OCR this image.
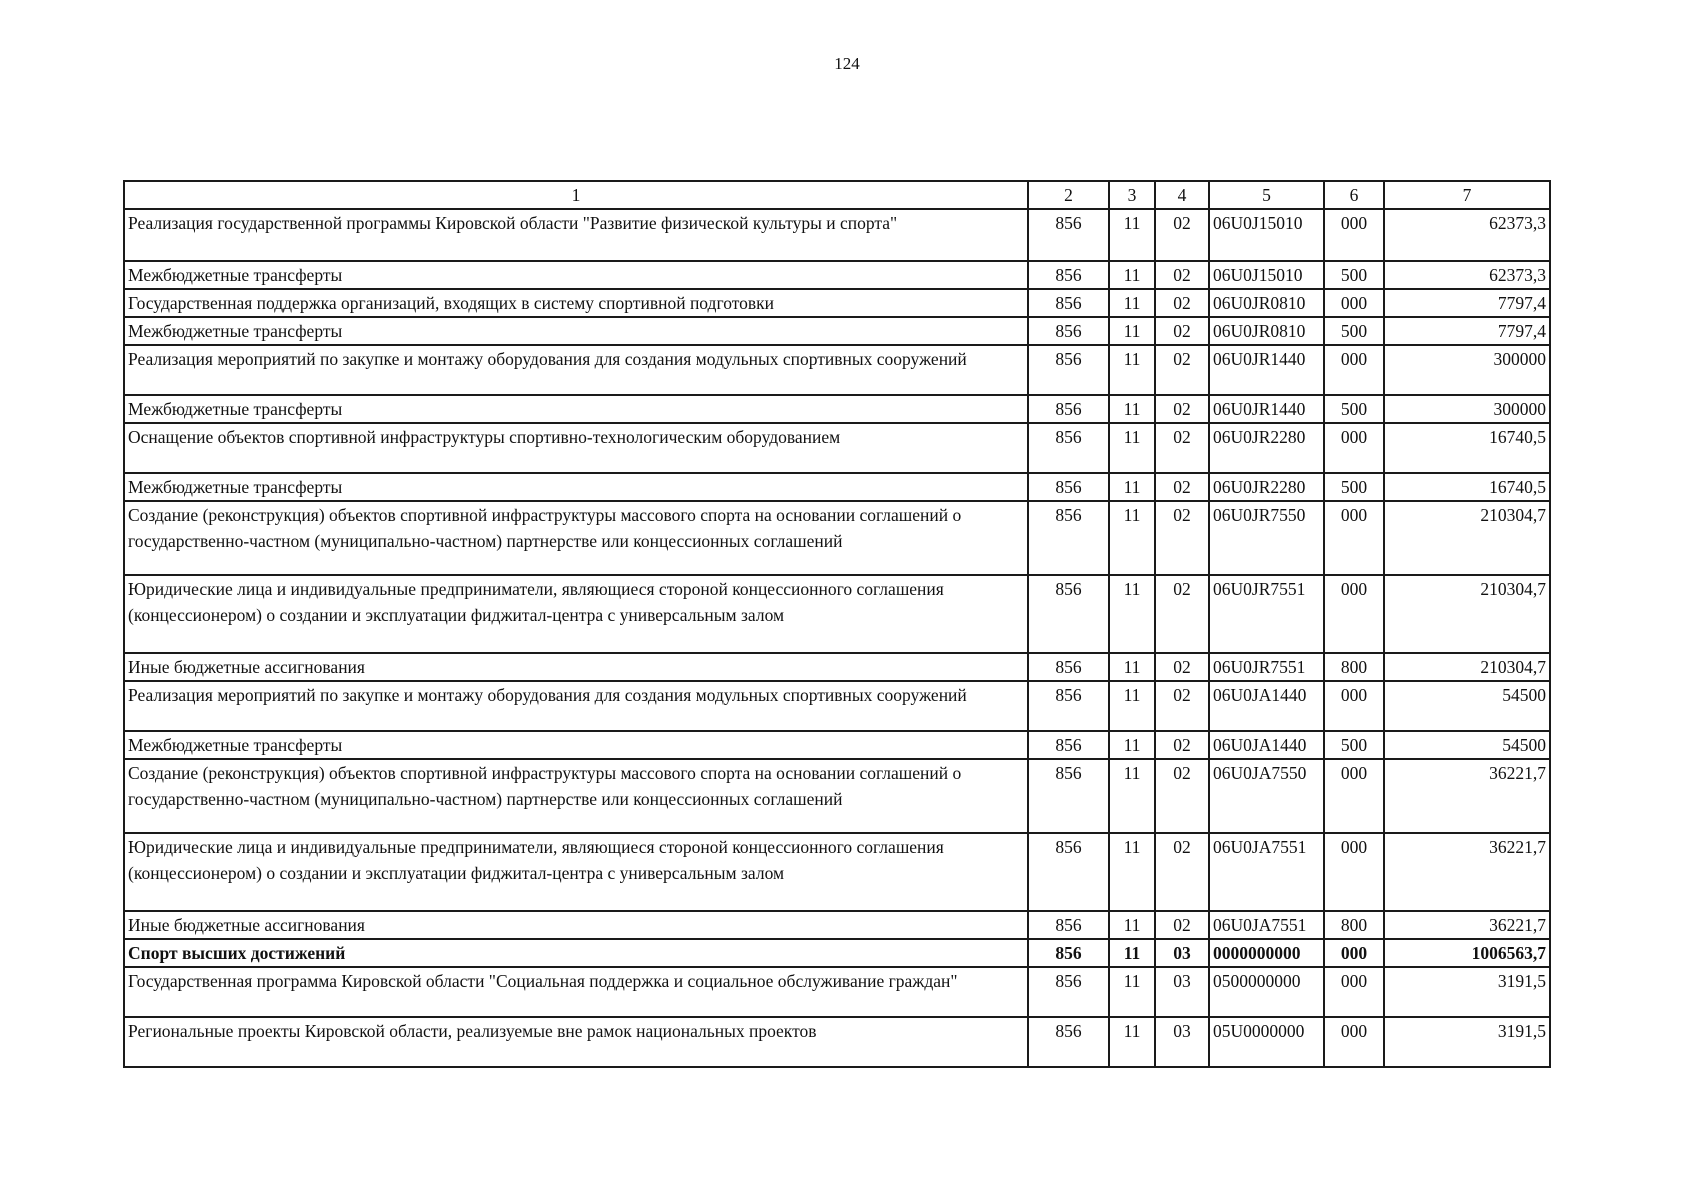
124
1	2	3	4	5	6	7
Реализация государственной программы Кировской области "Развитие физической культуры и спорта"	856	11	02	06U0J15010	000	62373,3
Межбюджетные трансферты	856	11	02	06U0J15010	500	62373,3
Государственная поддержка организаций, входящих в систему спортивной подготовки	856	11	02	06U0JR0810	000	7797,4
Межбюджетные трансферты	856	11	02	06U0JR0810	500	7797,4
Реализация мероприятий по закупке и монтажу оборудования для создания модульных спортивных сооружений	856	11	02	06U0JR1440	000	300000
Межбюджетные трансферты	856	11	02	06U0JR1440	500	300000
Оснащение объектов спортивной инфраструктуры спортивно-технологическим оборудованием	856	11	02	06U0JR2280	000	16740,5
Межбюджетные трансферты	856	11	02	06U0JR2280	500	16740,5
Создание (реконструкция) объектов спортивной инфраструктуры массового спорта на основании соглашений о государственно-частном (муниципально-частном) партнерстве или концессионных соглашений	856	11	02	06U0JR7550	000	210304,7
Юридические лица и индивидуальные предприниматели, являющиеся стороной концессионного соглашения (концессионером) о создании и эксплуатации фиджитал-центра с универсальным залом	856	11	02	06U0JR7551	000	210304,7
Иные бюджетные ассигнования	856	11	02	06U0JR7551	800	210304,7
Реализация мероприятий по закупке и монтажу оборудования для создания модульных спортивных сооружений	856	11	02	06U0JA1440	000	54500
Межбюджетные трансферты	856	11	02	06U0JA1440	500	54500
Создание (реконструкция) объектов спортивной инфраструктуры массового спорта на основании соглашений о государственно-частном (муниципально-частном) партнерстве или концессионных соглашений	856	11	02	06U0JA7550	000	36221,7
Юридические лица и индивидуальные предприниматели, являющиеся стороной концессионного соглашения (концессионером) о создании и эксплуатации фиджитал-центра с универсальным залом	856	11	02	06U0JA7551	000	36221,7
Иные бюджетные ассигнования	856	11	02	06U0JA7551	800	36221,7
Спорт высших достижений	856	11	03	0000000000	000	1006563,7
Государственная программа Кировской области "Социальная поддержка и социальное обслуживание граждан"	856	11	03	0500000000	000	3191,5
Региональные проекты Кировской области, реализуемые вне рамок национальных проектов	856	11	03	05U0000000	000	3191,5
